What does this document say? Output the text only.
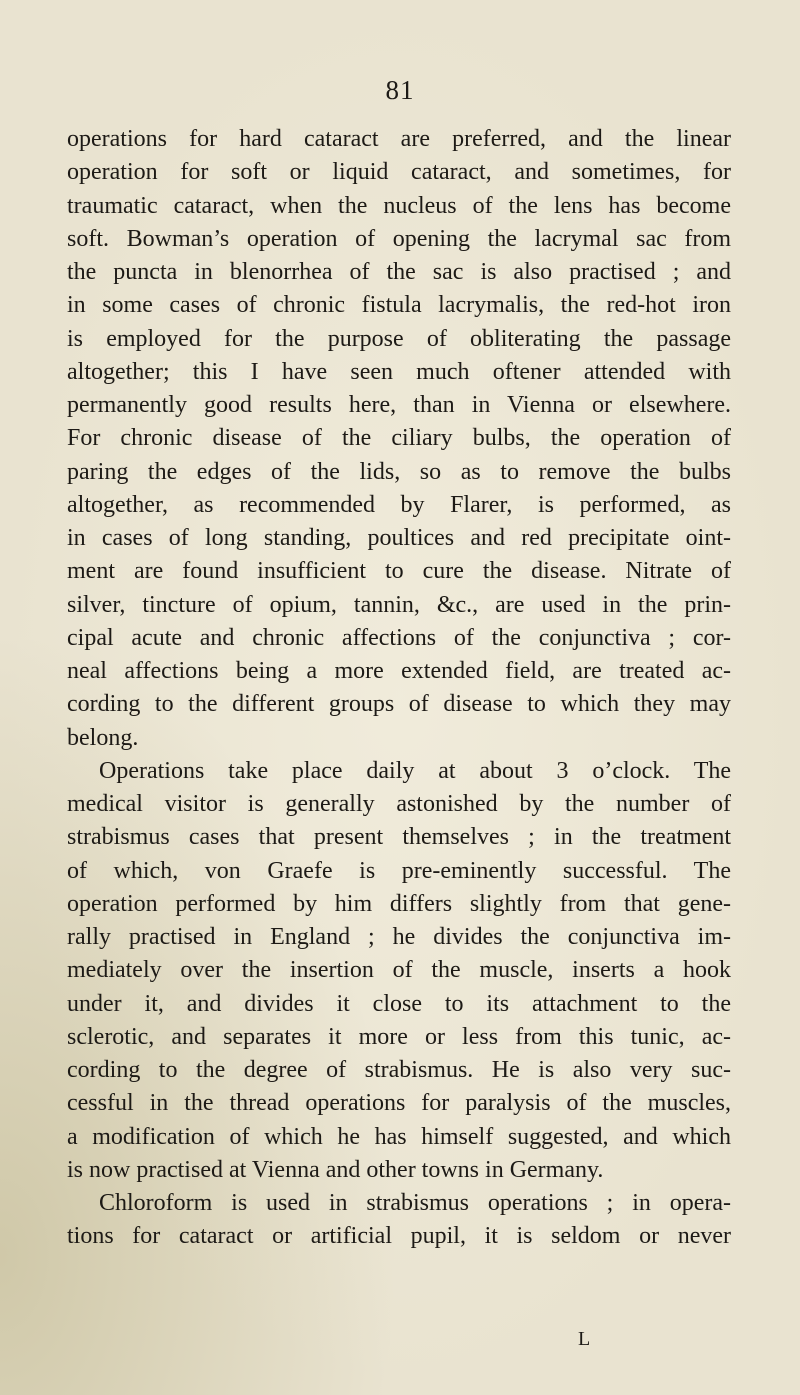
81
operations for hard cataract are preferred, and the linear
operation for soft or liquid cataract, and sometimes, for
traumatic cataract, when the nucleus of the lens has become
soft. Bowman’s operation of opening the lacrymal sac from
the puncta in blenorrhea of the sac is also practised ; and
in some cases of chronic fistula lacrymalis, the red-hot iron
is employed for the purpose of obliterating the passage
altogether; this I have seen much oftener attended with
permanently good results here, than in Vienna or elsewhere.
For chronic disease of the ciliary bulbs, the operation of
paring the edges of the lids, so as to remove the bulbs
altogether, as recommended by Flarer, is performed, as
in cases of long standing, poultices and red precipitate oint-
ment are found insufficient to cure the disease. Nitrate of
silver, tincture of opium, tannin, &c., are used in the prin-
cipal acute and chronic affections of the conjunctiva ; cor-
neal affections being a more extended field, are treated ac-
cording to the different groups of disease to which they may
belong.
Operations take place daily at about 3 o’clock. The
medical visitor is generally astonished by the number of
strabismus cases that present themselves ; in the treatment
of which, von Graefe is pre-eminently successful. The
operation performed by him differs slightly from that gene-
rally practised in England ; he divides the conjunctiva im-
mediately over the insertion of the muscle, inserts a hook
under it, and divides it close to its attachment to the
sclerotic, and separates it more or less from this tunic, ac-
cording to the degree of strabismus. He is also very suc-
cessful in the thread operations for paralysis of the muscles,
a modification of which he has himself suggested, and which
is now practised at Vienna and other towns in Germany.
Chloroform is used in strabismus operations ; in opera-
tions for cataract or artificial pupil, it is seldom or never
L
